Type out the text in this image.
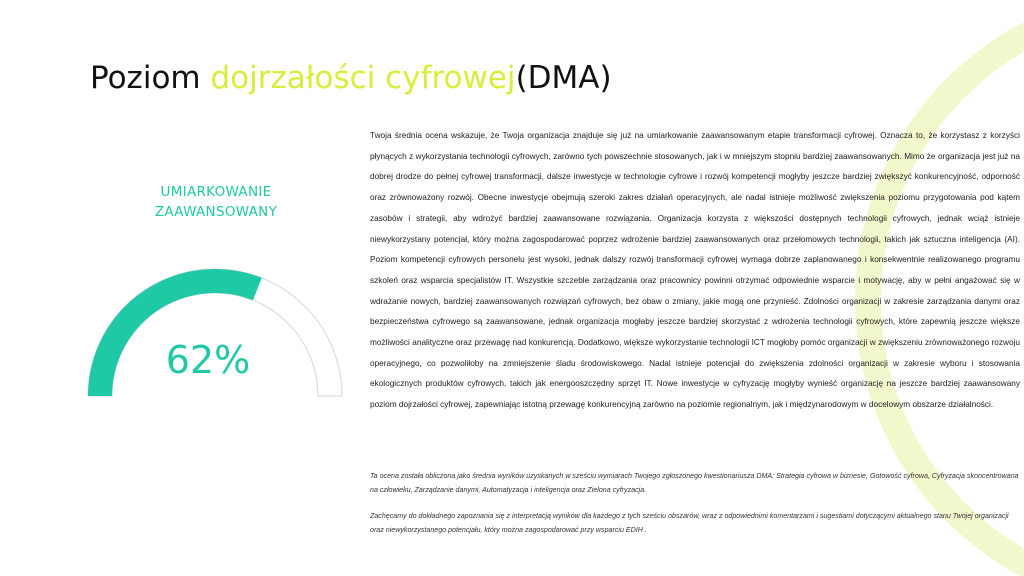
Poziom dojrzałości cyfrowej(DMA)
UMIARKOWANIE
ZAAWANSOWANY
62%

Twoja średnia ocena wskazuje, że Twoja organizacja znajduje się już na umiarkowanie zaawansowanym etapie transformacji cyfrowej. Oznacza to, że korzystasz z korzyści płynących z wykorzystania technologii cyfrowych, zarówno tych powszechnie stosowanych, jak i w mniejszym stopniu bardziej zaawansowanych. Mimo że organizacja jest już na dobrej drodze do pełnej cyfrowej transformacji, dalsze inwestycje w technologie cyfrowe i rozwój kompetencji mogłyby jeszcze bardziej zwiększyć konkurencyjność, odporność oraz zrównoważony rozwój. Obecne inwestycje obejmują szeroki zakres działań operacyjnych, ale nadal istnieje możliwość zwiększenia poziomu przygotowania pod kątem zasobów i strategii, aby wdrożyć bardziej zaawansowane rozwiązania. Organizacja korzysta z większości dostępnych technologii cyfrowych, jednak wciąż istnieje niewykorzystany potencjał, który można zagospodarować poprzez wdrożenie bardziej zaawansowanych oraz przełomowych technologii, takich jak sztuczna inteligencja (AI). Poziom kompetencji cyfrowych personelu jest wysoki, jednak dalszy rozwój transformacji cyfrowej wymaga dobrze zaplanowanego i konsekwentnie realizowanego programu szkoleń oraz wsparcia specjalistów IT. Wszystkie szczeble zarządzania oraz pracownicy powinni otrzymać odpowiednie wsparcie i motywację, aby w pełni angażować się w wdrażanie nowych, bardziej zaawansowanych rozwiązań cyfrowych, bez obaw o zmiany, jakie mogą one przynieść. Zdolności organizacji w zakresie zarządzania danymi oraz bezpieczeństwa cyfrowego są zaawansowane, jednak organizacja mogłaby jeszcze bardziej skorzystać z wdrożenia technologii cyfrowych, które zapewnią jeszcze większe możliwości analityczne oraz przewagę nad konkurencją. Dodatkowo, większe wykorzystanie technologii ICT mogłoby pomóc organizacji w zwiększeniu zrównoważonego rozwoju operacyjnego, co pozwoliłoby na zmniejszenie śladu środowiskowego. Nadal istnieje potencjał do zwiększenia zdolności organizacji w zakresie wyboru i stosowania ekologicznych produktów cyfrowych, takich jak energooszczędny sprzęt IT. Nowe inwestycje w cyfryzację mogłyby wynieść organizację na jeszcze bardziej zaawansowany poziom dojrzałości cyfrowej, zapewniając istotną przewagę konkurencyjną zarówno na poziomie regionalnym, jak i międzynarodowym w docelowym obszarze działalności.

Ta ocena została obliczona jako średnia wyników uzyskanych w sześciu wymiarach Twojego zgłoszonego kwestionariusza DMA: Strategia cyfrowa w biznesie, Gotowość cyfrowa, Cyfryzacja skoncentrowana na człowieku, Zarządzanie danymi, Automatyzacja i inteligencja oraz Zielona cyfryzacja.

Zachęcamy do dokładnego zapoznania się z interpretacją wyników dla każdego z tych sześciu obszarów, wraz z odpowiednimi komentarzami i sugestiami dotyczącymi aktualnego stanu Twojej organizacji oraz niewykorzystanego potencjału, który można zagospodarować przy wsparciu EDIH .
